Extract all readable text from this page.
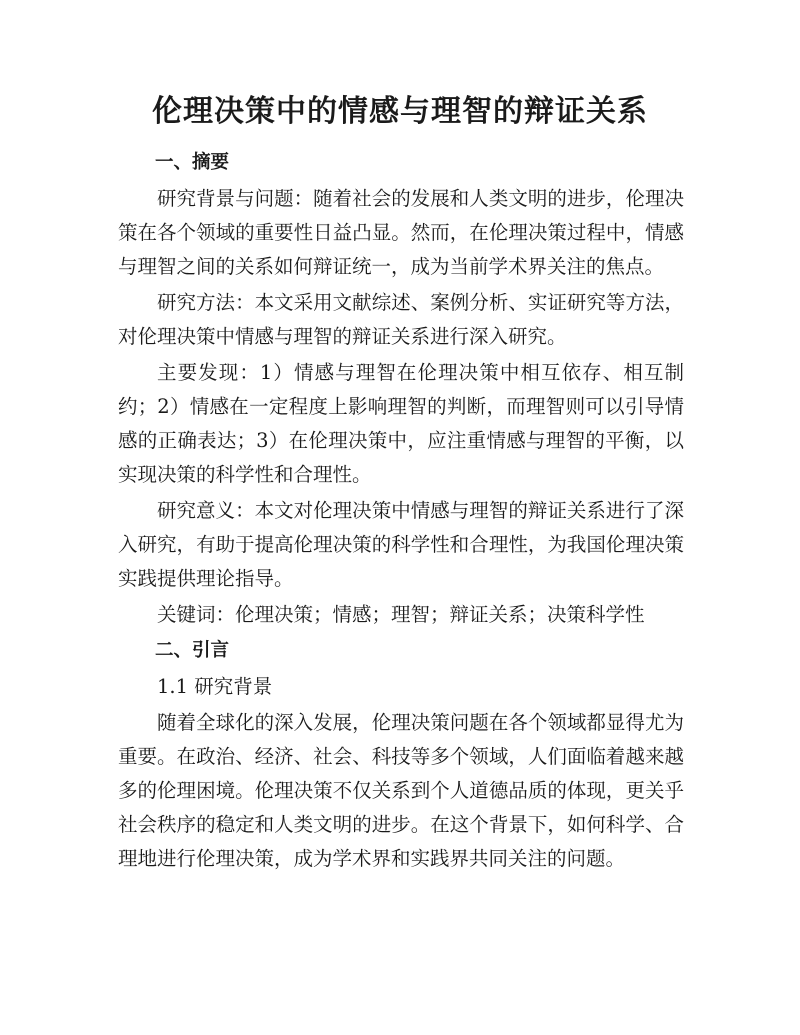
伦理决策中的情感与理智的辩证关系

一、摘要

研究背景与问题：随着社会的发展和人类文明的进步，伦理决策在各个领域的重要性日益凸显。然而，在伦理决策过程中，情感与理智之间的关系如何辩证统一，成为当前学术界关注的焦点。

研究方法：本文采用文献综述、案例分析、实证研究等方法，对伦理决策中情感与理智的辩证关系进行深入研究。

主要发现：1）情感与理智在伦理决策中相互依存、相互制约；2）情感在一定程度上影响理智的判断，而理智则可以引导情感的正确表达；3）在伦理决策中，应注重情感与理智的平衡，以实现决策的科学性和合理性。

研究意义：本文对伦理决策中情感与理智的辩证关系进行了深入研究，有助于提高伦理决策的科学性和合理性，为我国伦理决策实践提供理论指导。

关键词：伦理决策；情感；理智；辩证关系；决策科学性

二、引言

1.1 研究背景

随着全球化的深入发展，伦理决策问题在各个领域都显得尤为重要。在政治、经济、社会、科技等多个领域，人们面临着越来越多的伦理困境。伦理决策不仅关系到个人道德品质的体现，更关乎社会秩序的稳定和人类文明的进步。在这个背景下，如何科学、合理地进行伦理决策，成为学术界和实践界共同关注的问题。
